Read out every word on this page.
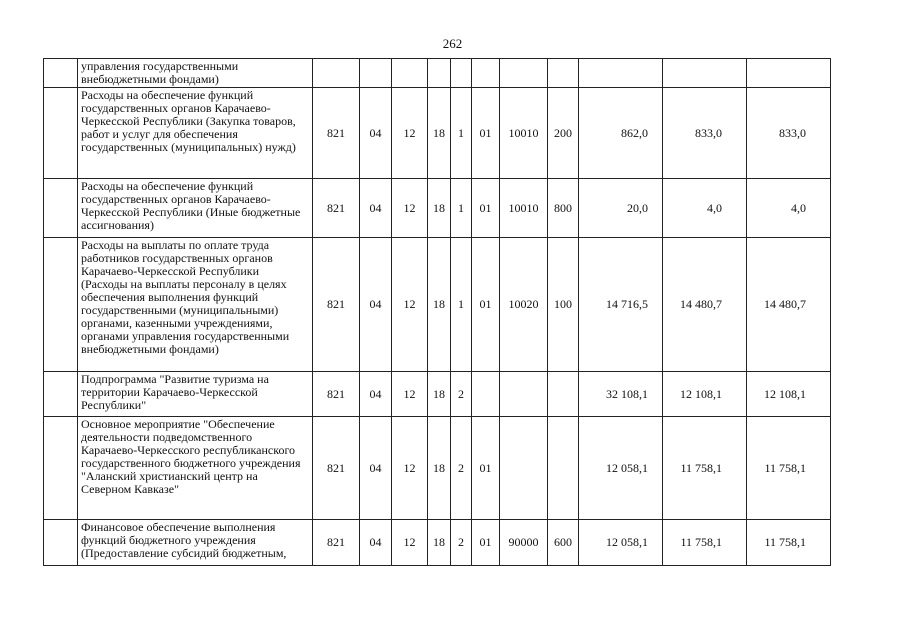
262
	управления государственными внебюджетными фондами)											
	Расходы на обеспечение функций государственных органов Карачаево-Черкесской Республики (Закупка товаров, работ и услуг для обеспечения государственных (муниципальных) нужд)	821	04	12	18	1	01	10010	200	862,0	833,0	833,0
	Расходы на обеспечение функций государственных органов Карачаево-Черкесской Республики (Иные бюджетные ассигнования)	821	04	12	18	1	01	10010	800	20,0	4,0	4,0
	Расходы на выплаты по оплате труда работников государственных органов Карачаево-Черкесской Республики (Расходы на выплаты персоналу в целях обеспечения выполнения функций государственными (муниципальными) органами, казенными учреждениями, органами управления государственными внебюджетными фондами)	821	04	12	18	1	01	10020	100	14 716,5	14 480,7	14 480,7
	Подпрограмма "Развитие туризма на территории Карачаево-Черкесской Республики"	821	04	12	18	2				32 108,1	12 108,1	12 108,1
	Основное мероприятие "Обеспечение деятельности подведомственного Карачаево-Черкесского республиканского государственного бюджетного учреждения "Аланский христианский центр на Северном Кавказе"	821	04	12	18	2	01			12 058,1	11 758,1	11 758,1
	Финансовое обеспечение выполнения функций бюджетного учреждения (Предоставление субсидий бюджетным,	821	04	12	18	2	01	90000	600	12 058,1	11 758,1	11 758,1
